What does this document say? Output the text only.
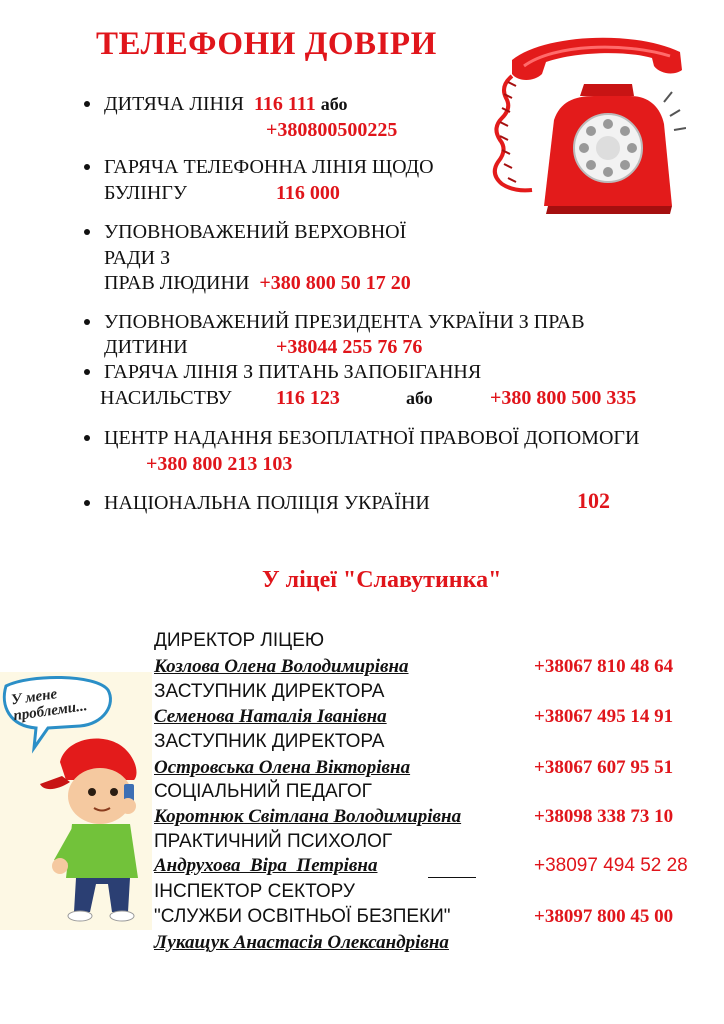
ТЕЛЕФОНИ ДОВІРИ
ДИТЯЧА ЛІНІЯ 116 111 або
+380800500225
ГАРЯЧА ТЕЛЕФОННА ЛІНІЯ ЩОДО
БУЛІНГУ	116 000
УПОВНОВАЖЕНИЙ ВЕРХОВНОЇ
РАДИ З
ПРАВ ЛЮДИНИ +380 800 50 17 20
УПОВНОВАЖЕНИЙ ПРЕЗИДЕНТА УКРАЇНИ З ПРАВ
ДИТИНИ	+38044 255 76 76
ГАРЯЧА ЛІНІЯ З ПИТАНЬ ЗАПОБІГАННЯ
НАСИЛЬСТВУ 116 123	або	+380 800 500 335
ЦЕНТР НАДАННЯ БЕЗОПЛАТНОЇ ПРАВОВОЇ ДОПОМОГИ
+380 800 213 103
НАЦІОНАЛЬНА ПОЛІЦІЯ УКРАЇНИ	102
У ліцеї "Славутинка"
У мене проблеми...
ДИРЕКТОР ЛІЦЕЮ
Козлова Олена Володимирівна	+38067 810 48 64
ЗАСТУПНИК ДИРЕКТОРА
Семенова Наталія Іванівна	+38067 495 14 91
ЗАСТУПНИК ДИРЕКТОРА
Островська Олена Вікторівна	+38067 607 95 51
СОЦІАЛЬНИЙ ПЕДАГОГ
Коротнюк Світлана Володимирівна	+38098 338 73 10
ПРАКТИЧНИЙ ПСИХОЛОГ
Андрухова  Віра  Петрівна	+38097 494 52 28
ІНСПЕКТОР СЕКТОРУ
"СЛУЖБИ ОСВІТНЬОЇ БЕЗПЕКИ"	+38097 800 45 00
Лукащук Анастасія Олександрівна
